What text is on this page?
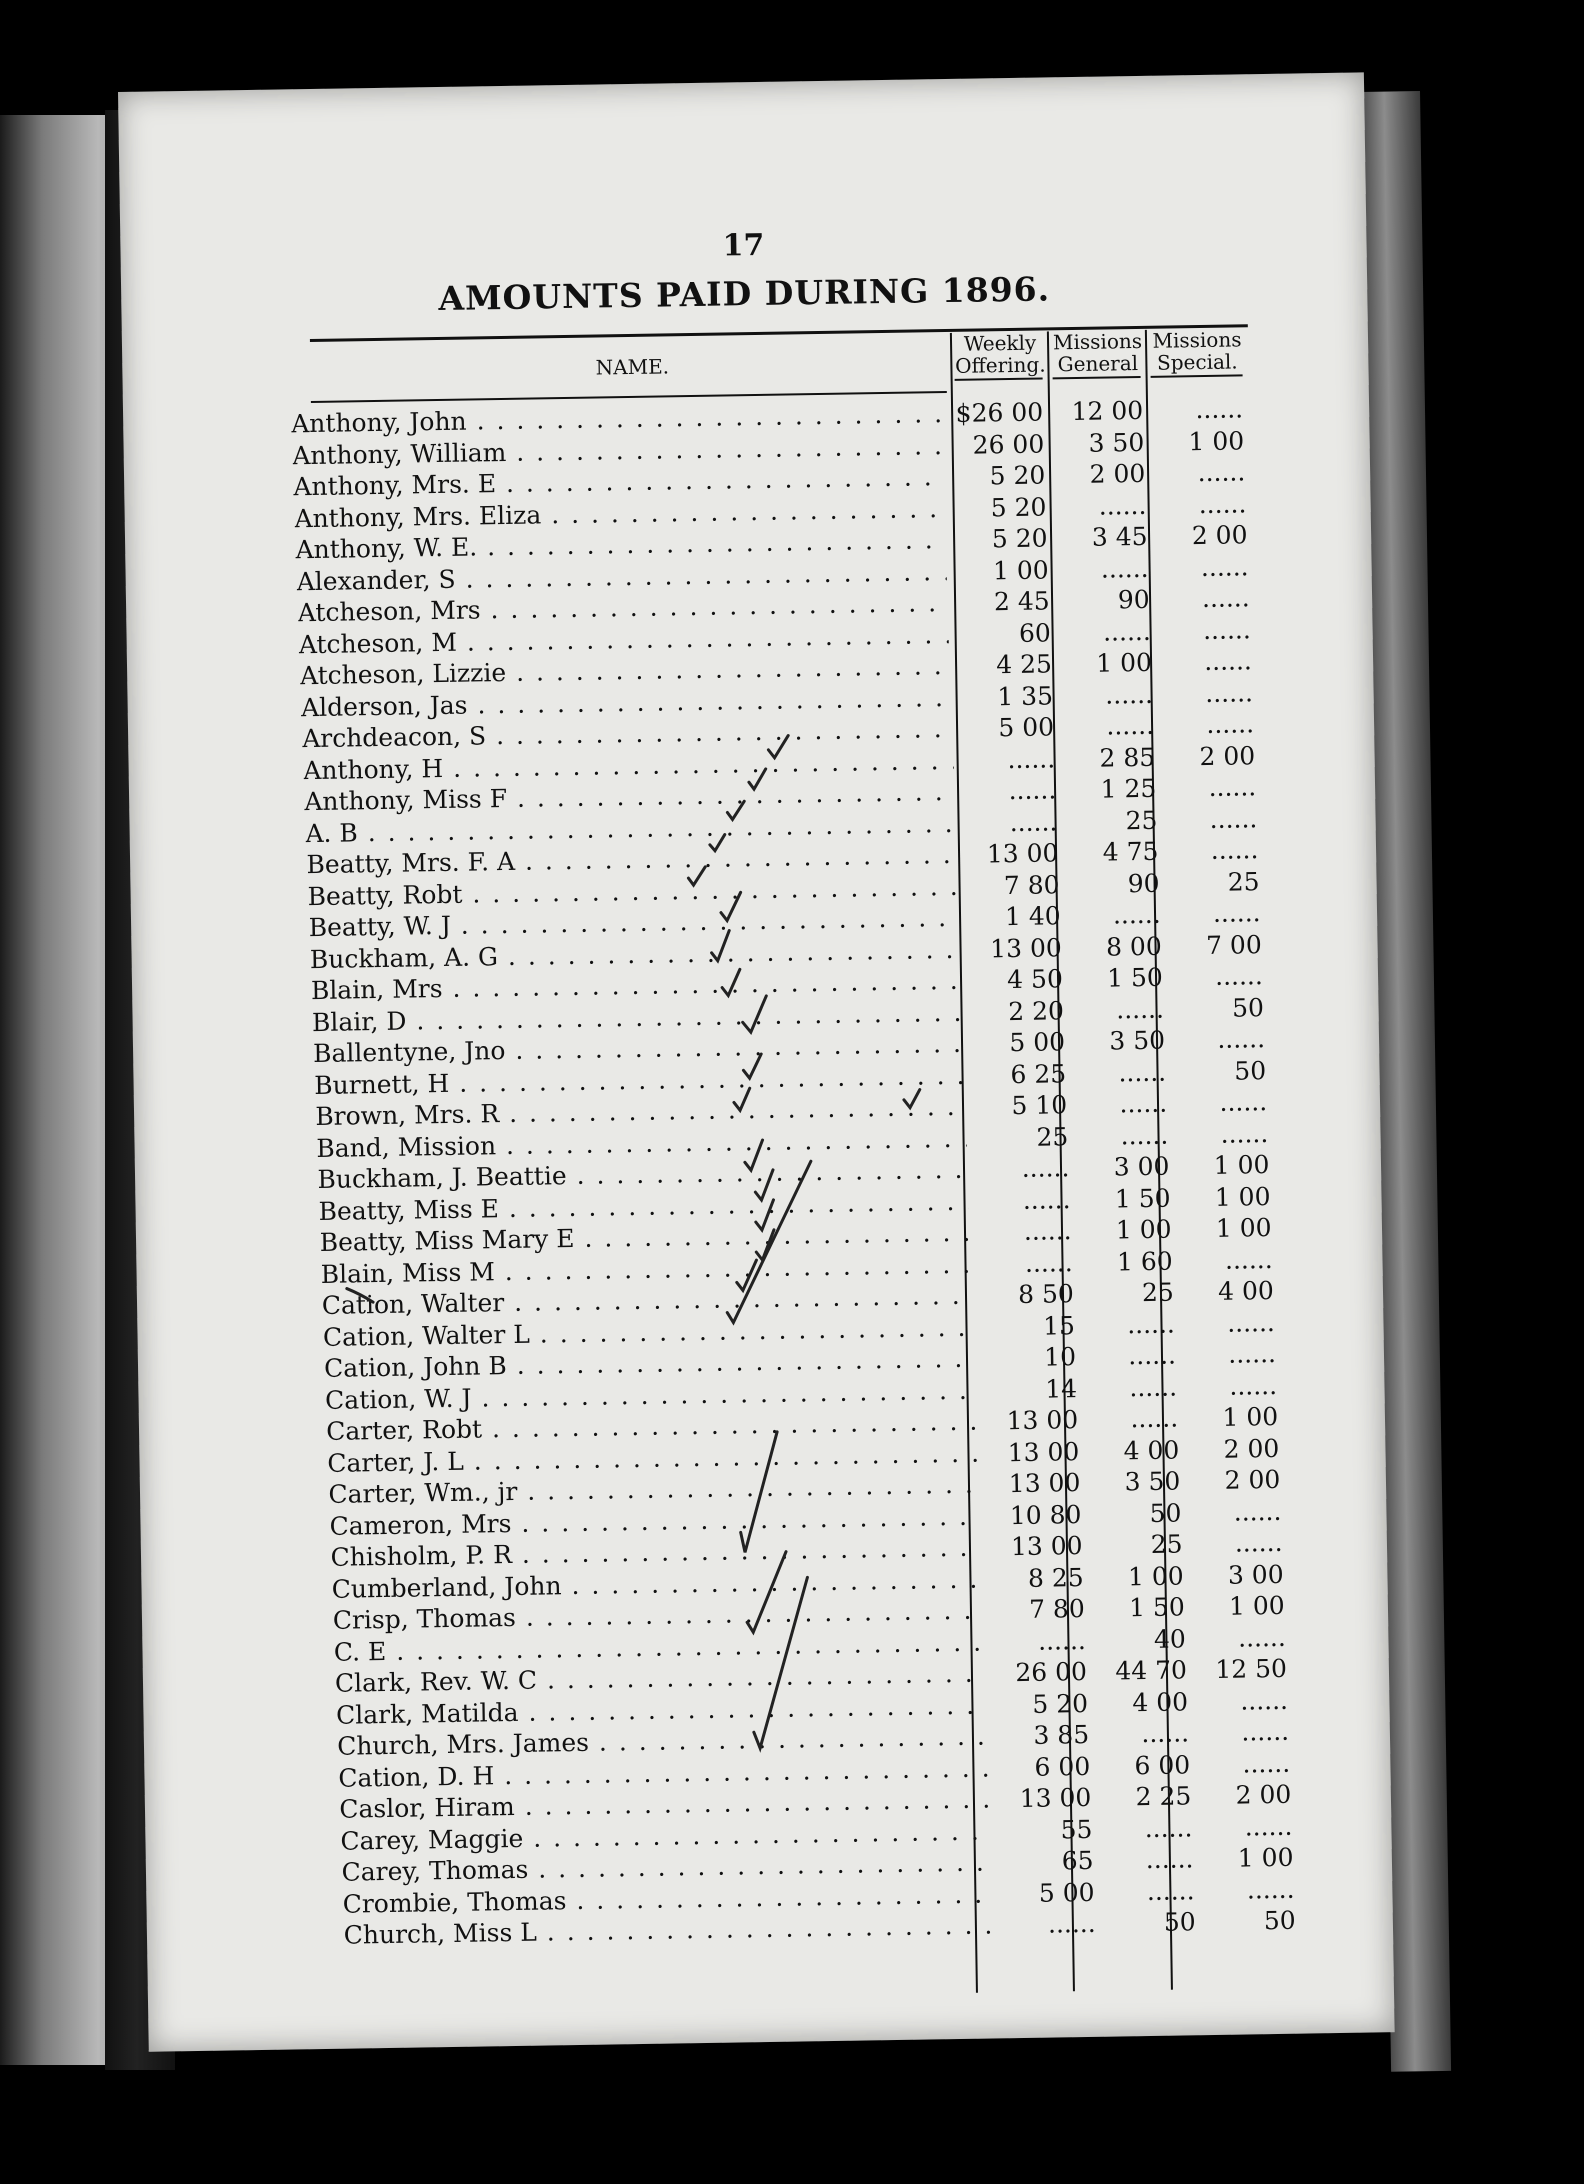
17
AMOUNTS PAID DURING 1896.
NAME.
Weekly Offering.
Missions General
Missions Special.
Anthony, John . . .	$26 00	12 00	......
Anthony, William . . .	26 00	3 50	1 00
Anthony, Mrs. E . . .	5 20	2 00	......
Anthony, Mrs. Eliza . . .	5 20	......	......
Anthony, W. E. . . .	5 20	3 45	2 00
Alexander, S . . .	1 00	......	......
Atcheson, Mrs . . .	2 45	90	......
Atcheson, M . . .	60	......	......
Atcheson, Lizzie . . .	4 25	1 00	......
Alderson, Jas . . .	1 35	......	......
Archdeacon, S . . .	5 00	......	......
Anthony, H . . .	......	2 85	2 00
Anthony, Miss F . . .	......	1 25	......
A. B . . .	......	25	......
Beatty, Mrs. F. A . . .	13 00	4 75	......
Beatty, Robt . . .	7 80	90	25
Beatty, W. J . . .	1 40	......	......
Buckham, A. G . . .	13 00	8 00	7 00
Blain, Mrs . . .	4 50	1 50	......
Blair, D . . .	2 20	......	50
Ballentyne, Jno . . .	5 00	3 50	......
Burnett, H . . .	6 25	......	50
Brown, Mrs. R . . .	5 10	......	......
Band, Mission . . .	25	......	......
Buckham, J. Beattie . . .	......	3 00	1 00
Beatty, Miss E . . .	......	1 50	1 00
Beatty, Miss Mary E . . .	......	1 00	1 00
Blain, Miss M . . .	......	1 60	......
Cation, Walter . . .	8 50	25	4 00
Cation, Walter L . . .	15	......	......
Cation, John B . . .	10	......	......
Cation, W. J . . .	14	......	......
Carter, Robt . . .	13 00	......	1 00
Carter, J. L . . .	13 00	4 00	2 00
Carter, Wm., jr . . .	13 00	3 50	2 00
Cameron, Mrs . . .	10 80	50	......
Chisholm, P. R . . .	13 00	25	......
Cumberland, John . . .	8 25	1 00	3 00
Crisp, Thomas . . .	7 80	1 50	1 00
C. E . . .	......	40	......
Clark, Rev. W. C . . .	26 00	44 70	12 50
Clark, Matilda . . .	5 20	4 00	......
Church, Mrs. James . . .	3 85	......	......
Cation, D. H . . .	6 00	6 00	......
Caslor, Hiram . . .	13 00	2 25	2 00
Carey, Maggie . . .	55	......	......
Carey, Thomas . . .	65	......	1 00
Crombie, Thomas . . .	5 00	......	......
Church, Miss L . . .	......	50	50
